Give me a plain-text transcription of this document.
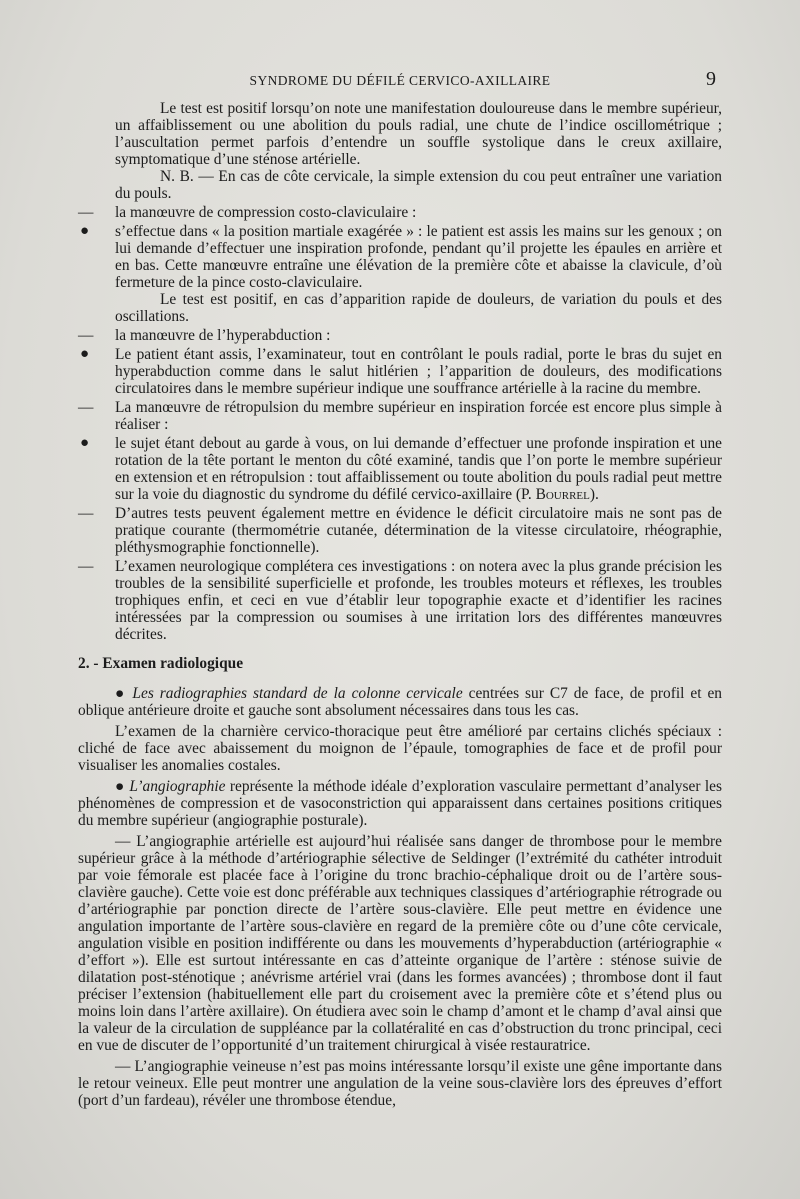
SYNDROME DU DÉFILÉ CERVICO-AXILLAIRE	9

Le test est positif lorsqu’on note une manifestation douloureuse dans le membre supérieur, un affaiblissement ou une abolition du pouls radial, une chute de l’indice oscillométrique ; l’auscultation permet parfois d’entendre un souffle systolique dans le creux axillaire, symptomatique d’une sténose artérielle.

N. B. — En cas de côte cervicale, la simple extension du cou peut entraîner une variation du pouls.

— la manœuvre de compression costo-claviculaire :
● s’effectue dans « la position martiale exagérée » : le patient est assis les mains sur les genoux ; on lui demande d’effectuer une inspiration profonde, pendant qu’il projette les épaules en arrière et en bas. Cette manœuvre entraîne une élévation de la première côte et abaisse la clavicule, d’où fermeture de la pince costo-claviculaire.

Le test est positif, en cas d’apparition rapide de douleurs, de variation du pouls et des oscillations.

— la manœuvre de l’hyperabduction :
● Le patient étant assis, l’examinateur, tout en contrôlant le pouls radial, porte le bras du sujet en hyperabduction comme dans le salut hitlérien ; l’apparition de douleurs, des modifications circulatoires dans le membre supérieur indique une souffrance artérielle à la racine du membre.
— La manœuvre de rétropulsion du membre supérieur en inspiration forcée est encore plus simple à réaliser :
● le sujet étant debout au garde à vous, on lui demande d’effectuer une profonde inspiration et une rotation de la tête portant le menton du côté examiné, tandis que l’on porte le membre supérieur en extension et en rétropulsion : tout affaiblissement ou toute abolition du pouls radial peut mettre sur la voie du diagnostic du syndrome du défilé cervico-axillaire (P. Bourrel).
— D’autres tests peuvent également mettre en évidence le déficit circulatoire mais ne sont pas de pratique courante (thermométrie cutanée, détermination de la vitesse circulatoire, rhéographie, pléthysmographie fonctionnelle).
— L’examen neurologique complétera ces investigations : on notera avec la plus grande précision les troubles de la sensibilité superficielle et profonde, les troubles moteurs et réflexes, les troubles trophiques enfin, et ceci en vue d’établir leur topographie exacte et d’identifier les racines intéressées par la compression ou soumises à une irritation lors des différentes manœuvres décrites.
2. - Examen radiologique

● Les radiographies standard de la colonne cervicale centrées sur C7 de face, de profil et en oblique antérieure droite et gauche sont absolument nécessaires dans tous les cas.

L’examen de la charnière cervico-thoracique peut être amélioré par certains clichés spéciaux : cliché de face avec abaissement du moignon de l’épaule, tomographies de face et de profil pour visualiser les anomalies costales.

● L’angiographie représente la méthode idéale d’exploration vasculaire permettant d’analyser les phénomènes de compression et de vasoconstriction qui apparaissent dans certaines positions critiques du membre supérieur (angiographie posturale).

— L’angiographie artérielle est aujourd’hui réalisée sans danger de thrombose pour le membre supérieur grâce à la méthode d’artériographie sélective de Seldinger (l’extrémité du cathéter introduit par voie fémorale est placée face à l’origine du tronc brachio-céphalique droit ou de l’artère sous-clavière gauche). Cette voie est donc préférable aux techniques classiques d’artériographie rétrograde ou d’artériographie par ponction directe de l’artère sous-clavière. Elle peut mettre en évidence une angulation importante de l’artère sous-clavière en regard de la première côte ou d’une côte cervicale, angulation visible en position indifférente ou dans les mouvements d’hyperabduction (artériographie « d’effort »). Elle est surtout intéressante en cas d’atteinte organique de l’artère : sténose suivie de dilatation post-sténotique ; anévrisme artériel vrai (dans les formes avancées) ; thrombose dont il faut préciser l’extension (habituellement elle part du croisement avec la première côte et s’étend plus ou moins loin dans l’artère axillaire). On étudiera avec soin le champ d’amont et le champ d’aval ainsi que la valeur de la circulation de suppléance par la collatéralité en cas d’obstruction du tronc principal, ceci en vue de discuter de l’opportunité d’un traitement chirurgical à visée restauratrice.

— L’angiographie veineuse n’est pas moins intéressante lorsqu’il existe une gêne importante dans le retour veineux. Elle peut montrer une angulation de la veine sous-clavière lors des épreuves d’effort (port d’un fardeau), révéler une thrombose étendue,
